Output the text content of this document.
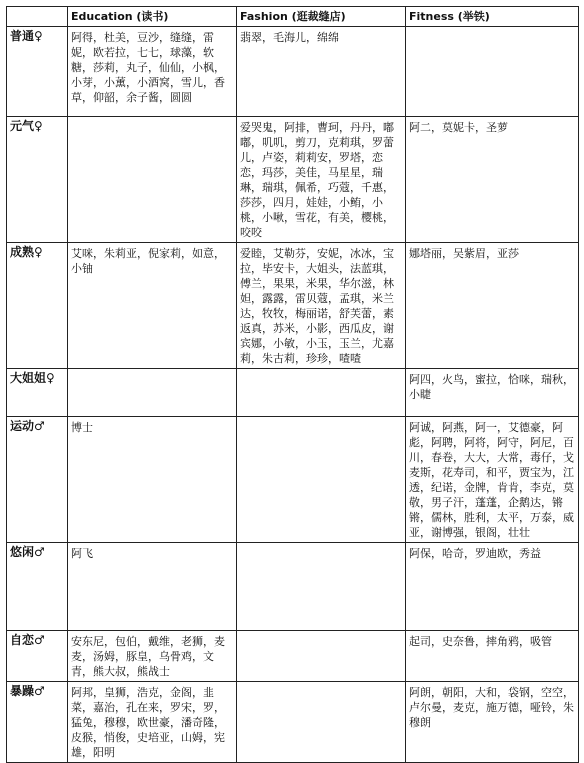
	Education (读书)	Fashion (逛裁缝店)	Fitness (举铁)
普通♀	阿得，杜美，豆沙，缝缝，雷妮，欧若拉，七七，球藻，软糖，莎莉，丸子，仙仙，小枫，小芽，小薰，小酒窝，雪儿，香草，仰韶，余子酱，圆圆	翡翠，毛海儿，绵绵	
元气♀		爱哭鬼，阿排，曹珂，丹丹，嘟嘟，叽叽，剪刀，克莉琪，罗蕾儿，卢姿，莉莉安，罗塔，恋恋，玛莎，美佳，马星星，瑞琳，瑞琪，佩希，巧蔻，千惠，莎莎，四月，娃娃，小鲔，小桃，小啾，雪花，有美，樱桃，咬咬	阿二，莫妮卡，圣萝
成熟♀	艾咪，朱莉亚，倪家莉，如意，小铀	爱睦，艾勒芬，安妮，冰冰，宝拉，毕安卡，大姐头，法蓝琪，傅兰，果果，米果，华尔滋，林妲，露露，雷贝蔻，孟琪，米兰达，牧牧，梅丽诺，舒芙蕾，素返真，苏米，小影，西瓜皮，谢宾娜，小敏，小玉，玉兰，尤嘉莉，朱古莉，珍珍，喳喳	娜塔丽，吴紫眉，亚莎
大姐姐♀			阿四，火鸟，蜜拉，恰咪，瑞秋，小睫
运动♂	博士		阿诚，阿燕，阿一，艾德豪，阿彪，阿聘，阿将，阿守，阿尼，百川，春卷，大大，大常，毒仔，戈麦斯，花寿司，和平，贾宝为，江透，纪诺，金牌，肯肯，李克，莫敬，男子汗，蓬蓬，企鹅达，锵锵，儒林，胜利，太平，万泰，威亚，谢博强，银阁，壮壮
悠闲♂	阿飞		阿保，哈奇，罗迪欧，秀益
自恋♂	安东尼，包伯，戴维，老狮，麦麦，汤姆，豚皇，乌骨鸡，文青，熊大叔，熊战士		起司，史奈鲁，摔角鸦，吸管
暴躁♂	阿邦，皇狮，浩克，金阁，韭菜，嘉治，孔在来，罗宋，罗，猛兔，穆穆，欧世豪，潘奇隆，皮猴，悄俊，史培亚，山姆，宪雄，阳明		阿朗，朝阳，大和，袋钢，空空，卢尔曼，麦克，施万德，哑铃，朱穆朗
